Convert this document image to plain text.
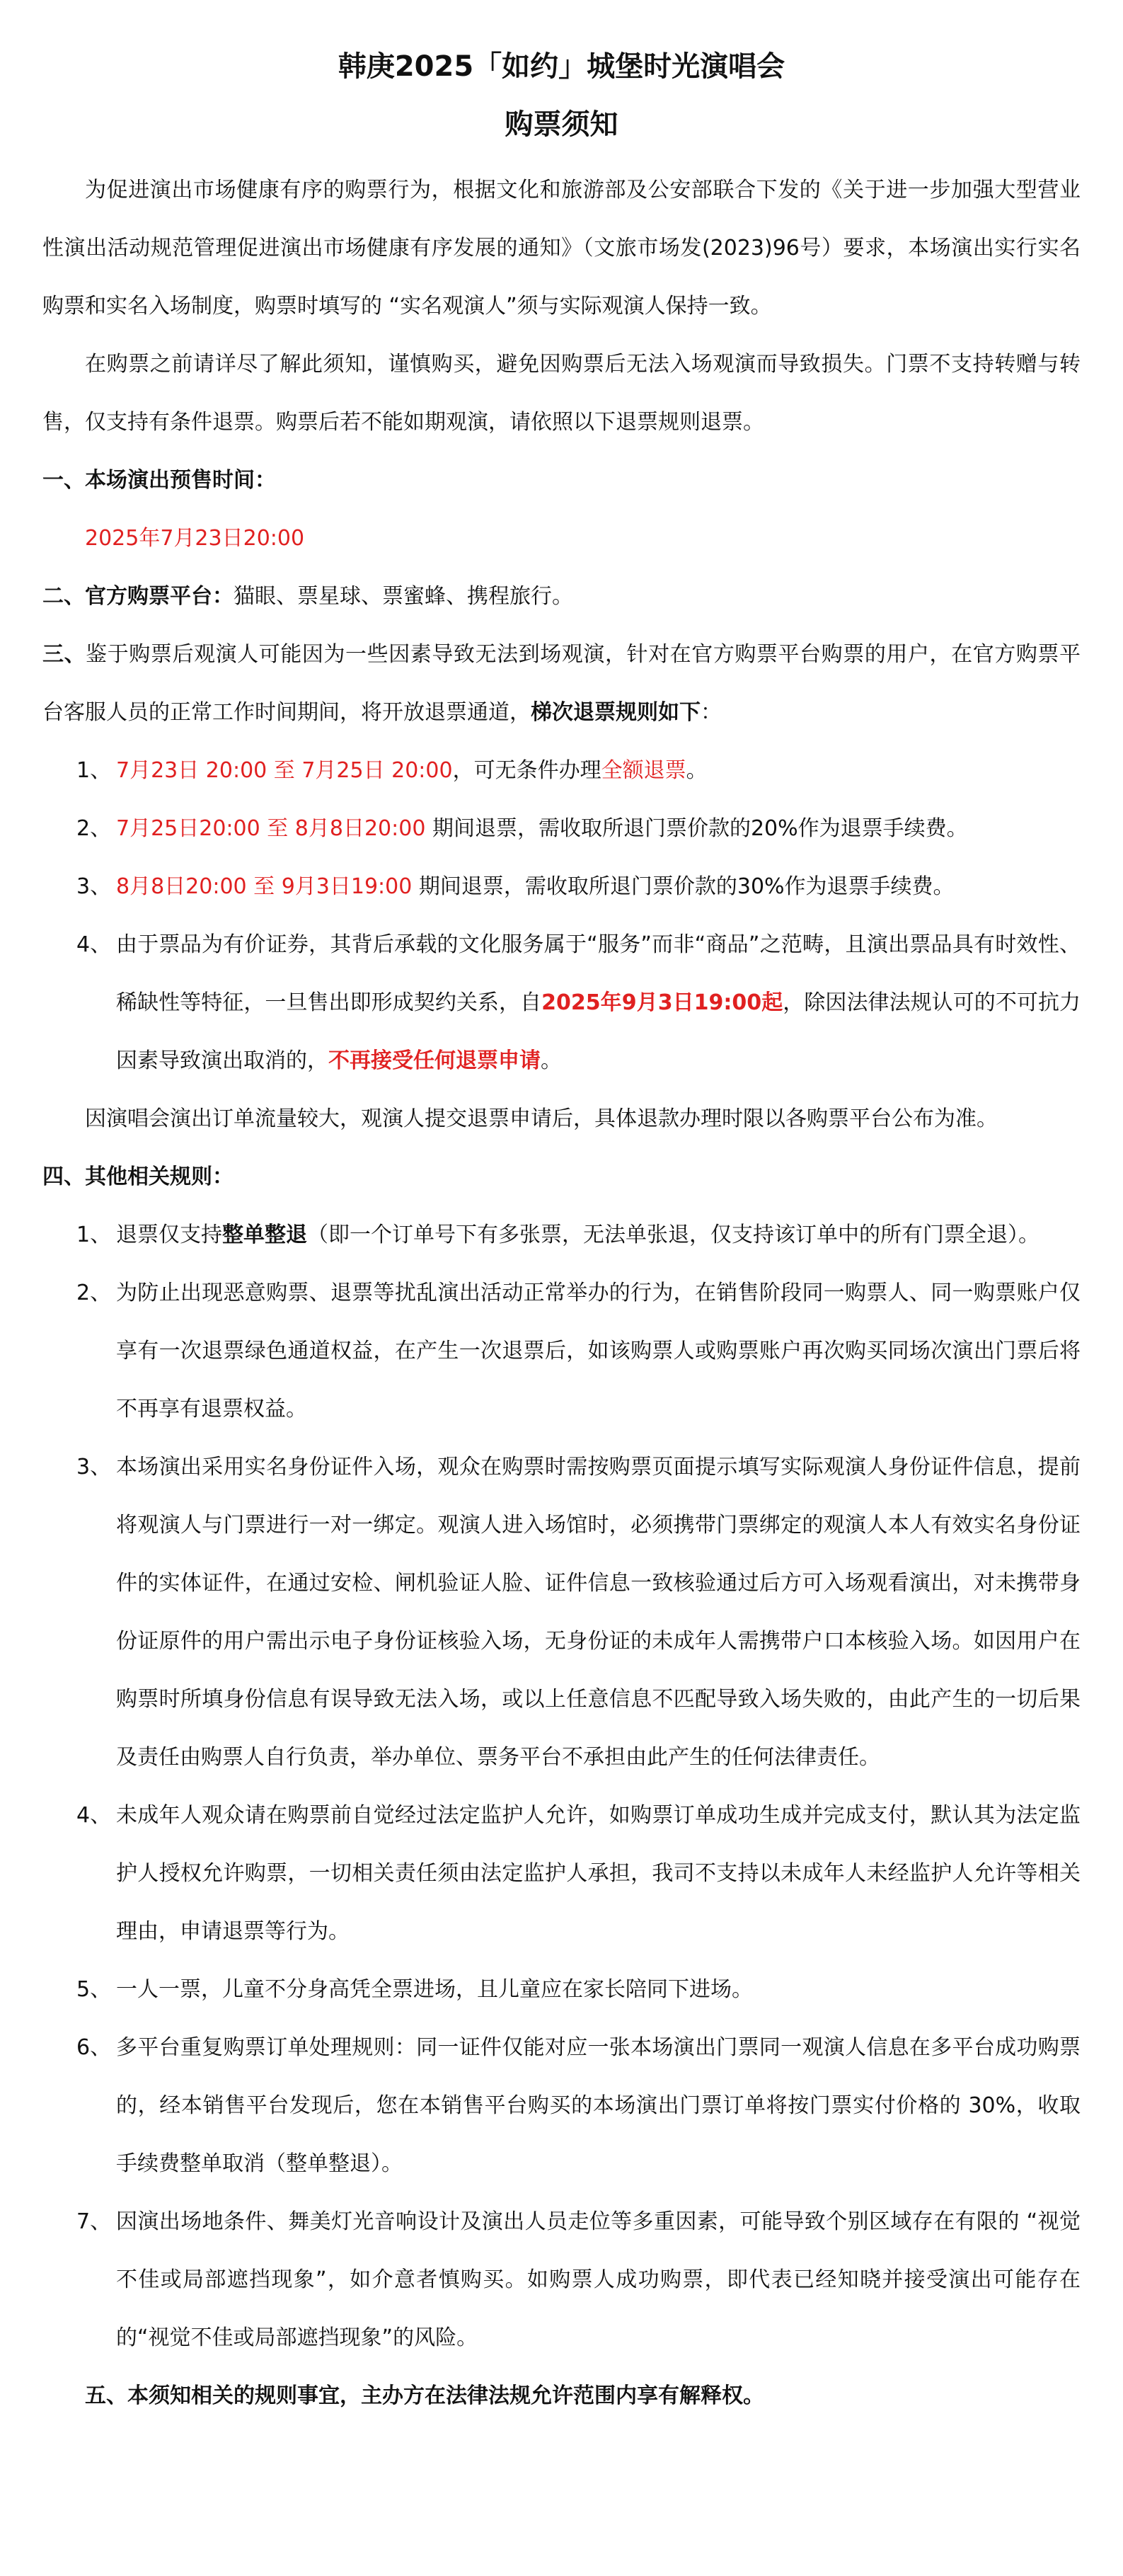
韩庚2025「如约」城堡时光演唱会
购票须知

为促进演出市场健康有序的购票行为，根据文化和旅游部及公安部联合下发的《关于进一步加强大型营业性演出活动规范管理促进演出市场健康有序发展的通知》（文旅市场发(2023)96号）要求，本场演出实行实名购票和实名入场制度，购票时填写的 “实名观演人”须与实际观演人保持一致。

在购票之前请详尽了解此须知，谨慎购买，避免因购票后无法入场观演而导致损失。门票不支持转赠与转售，仅支持有条件退票。购票后若不能如期观演，请依照以下退票规则退票。

一、本场演出预售时间：

2025年7月23日20:00

二、官方购票平台：猫眼、票星球、票蜜蜂、携程旅行。

三、鉴于购票后观演人可能因为一些因素导致无法到场观演，针对在官方购票平台购票的用户，在官方购票平台客服人员的正常工作时间期间，将开放退票通道，梯次退票规则如下：

1、 7月23日 20:00 至 7月25日 20:00，可无条件办理全额退票。
2、 7月25日20:00 至 8月8日20:00 期间退票，需收取所退门票价款的20%作为退票手续费。
3、 8月8日20:00 至 9月3日19:00 期间退票，需收取所退门票价款的30%作为退票手续费。
4、 由于票品为有价证券，其背后承载的文化服务属于“服务”而非“商品”之范畴，且演出票品具有时效性、稀缺性等特征，一旦售出即形成契约关系，自2025年9月3日19:00起，除因法律法规认可的不可抗力因素导致演出取消的，不再接受任何退票申请。

因演唱会演出订单流量较大，观演人提交退票申请后，具体退款办理时限以各购票平台公布为准。

四、其他相关规则：

1、 退票仅支持整单整退（即一个订单号下有多张票，无法单张退，仅支持该订单中的所有门票全退）。
2、 为防止出现恶意购票、退票等扰乱演出活动正常举办的行为，在销售阶段同一购票人、同一购票账户仅享有一次退票绿色通道权益，在产生一次退票后，如该购票人或购票账户再次购买同场次演出门票后将不再享有退票权益。
3、 本场演出采用实名身份证件入场，观众在购票时需按购票页面提示填写实际观演人身份证件信息，提前将观演人与门票进行一对一绑定。观演人进入场馆时，必须携带门票绑定的观演人本人有效实名身份证件的实体证件，在通过安检、闸机验证人脸、证件信息一致核验通过后方可入场观看演出，对未携带身份证原件的用户需出示电子身份证核验入场，无身份证的未成年人需携带户口本核验入场。如因用户在购票时所填身份信息有误导致无法入场，或以上任意信息不匹配导致入场失败的，由此产生的一切后果及责任由购票人自行负责，举办单位、票务平台不承担由此产生的任何法律责任。
4、 未成年人观众请在购票前自觉经过法定监护人允许，如购票订单成功生成并完成支付，默认其为法定监护人授权允许购票，一切相关责任须由法定监护人承担，我司不支持以未成年人未经监护人允许等相关理由，申请退票等行为。
5、 一人一票，儿童不分身高凭全票进场，且儿童应在家长陪同下进场。
6、 多平台重复购票订单处理规则：同一证件仅能对应一张本场演出门票同一观演人信息在多平台成功购票的，经本销售平台发现后，您在本销售平台购买的本场演出门票订单将按门票实付价格的 30%，收取手续费整单取消（整单整退）。
7、 因演出场地条件、舞美灯光音响设计及演出人员走位等多重因素，可能导致个别区域存在有限的 “视觉不佳或局部遮挡现象”，如介意者慎购买。如购票人成功购票，即代表已经知晓并接受演出可能存在的“视觉不佳或局部遮挡现象”的风险。

五、本须知相关的规则事宜，主办方在法律法规允许范围内享有解释权。
